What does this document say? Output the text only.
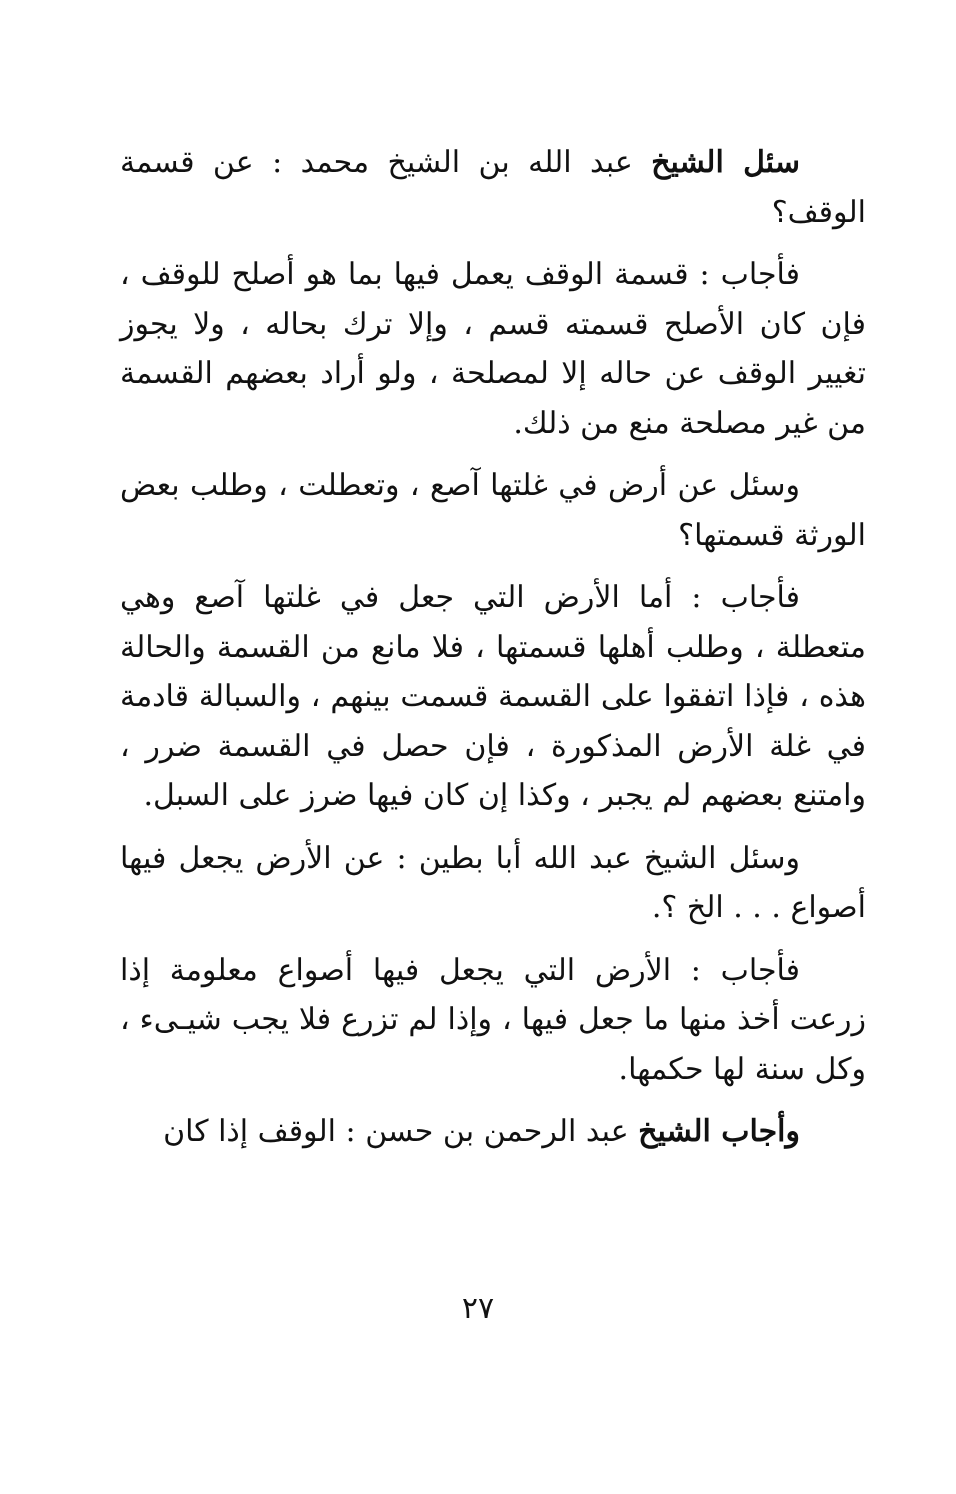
سئل الشيخ عبد الله بن الشيخ محمد : عن قسمة الوقف؟

فأجاب : قسمة الوقف يعمل فيها بما هو أصلح للوقف ، فإن كان الأصلح قسمته قسم ، وإلا ترك بحاله ، ولا يجوز تغيير الوقف عن حاله إلا لمصلحة ، ولو أراد بعضهم القسمة من غير مصلحة منع من ذلك.

وسئل عن أرض في غلتها آصع ، وتعطلت ، وطلب بعض الورثة قسمتها؟

فأجاب : أما الأرض التي جعل في غلتها آصع وهي متعطلة ، وطلب أهلها قسمتها ، فلا مانع من القسمة والحالة هذه ، فإذا اتفقوا على القسمة قسمت بينهم ، والسبالة قادمة في غلة الأرض المذكورة ، فإن حصل في القسمة ضرر ، وامتنع بعضهم لم يجبر ، وكذا إن كان فيها ضرز على السبل.

وسئل الشيخ عبد الله أبا بطين : عن الأرض يجعل فيها أصواع . . . الخ ؟.

فأجاب : الأرض التي يجعل فيها أصواع معلومة إذا زرعت أخذ منها ما جعل فيها ، وإذا لم تزرع فلا يجب شيـىء ، وكل سنة لها حكمها.

وأجاب الشيخ عبد الرحمن بن حسن : الوقف إذا كان

٢٧
